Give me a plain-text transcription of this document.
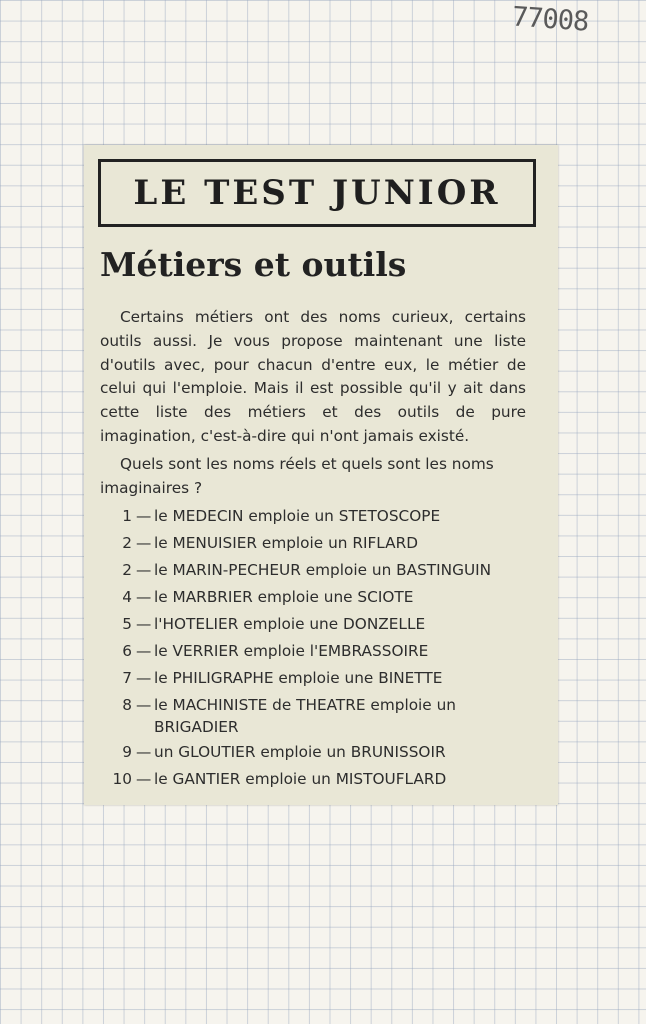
77008
LE TEST JUNIOR
Métiers et outils

Certains métiers ont des noms curieux, certains outils aussi. Je vous propose maintenant une liste d'outils avec, pour chacun d'entre eux, le métier de celui qui l'emploie. Mais il est possible qu'il y ait dans cette liste des métiers et des outils de pure imagination, c'est-à-dire qui n'ont jamais existé.

Quels sont les noms réels et quels sont les noms imaginaires ?

1 — le MEDECIN emploie un STETOSCOPE
2 — le MENUISIER emploie un RIFLARD
2 — le MARIN-PECHEUR emploie un BASTINGUIN
4 — le MARBRIER emploie une SCIOTE
5 — l'HOTELIER emploie une DONZELLE
6 — le VERRIER emploie l'EMBRASSOIRE
7 — le PHILIGRAPHE emploie une BINETTE
8 — le MACHINISTE de THEATRE emploie un BRIGADIER
9 — un GLOUTIER emploie un BRUNISSOIR
10 — le GANTIER emploie un MISTOUFLARD
